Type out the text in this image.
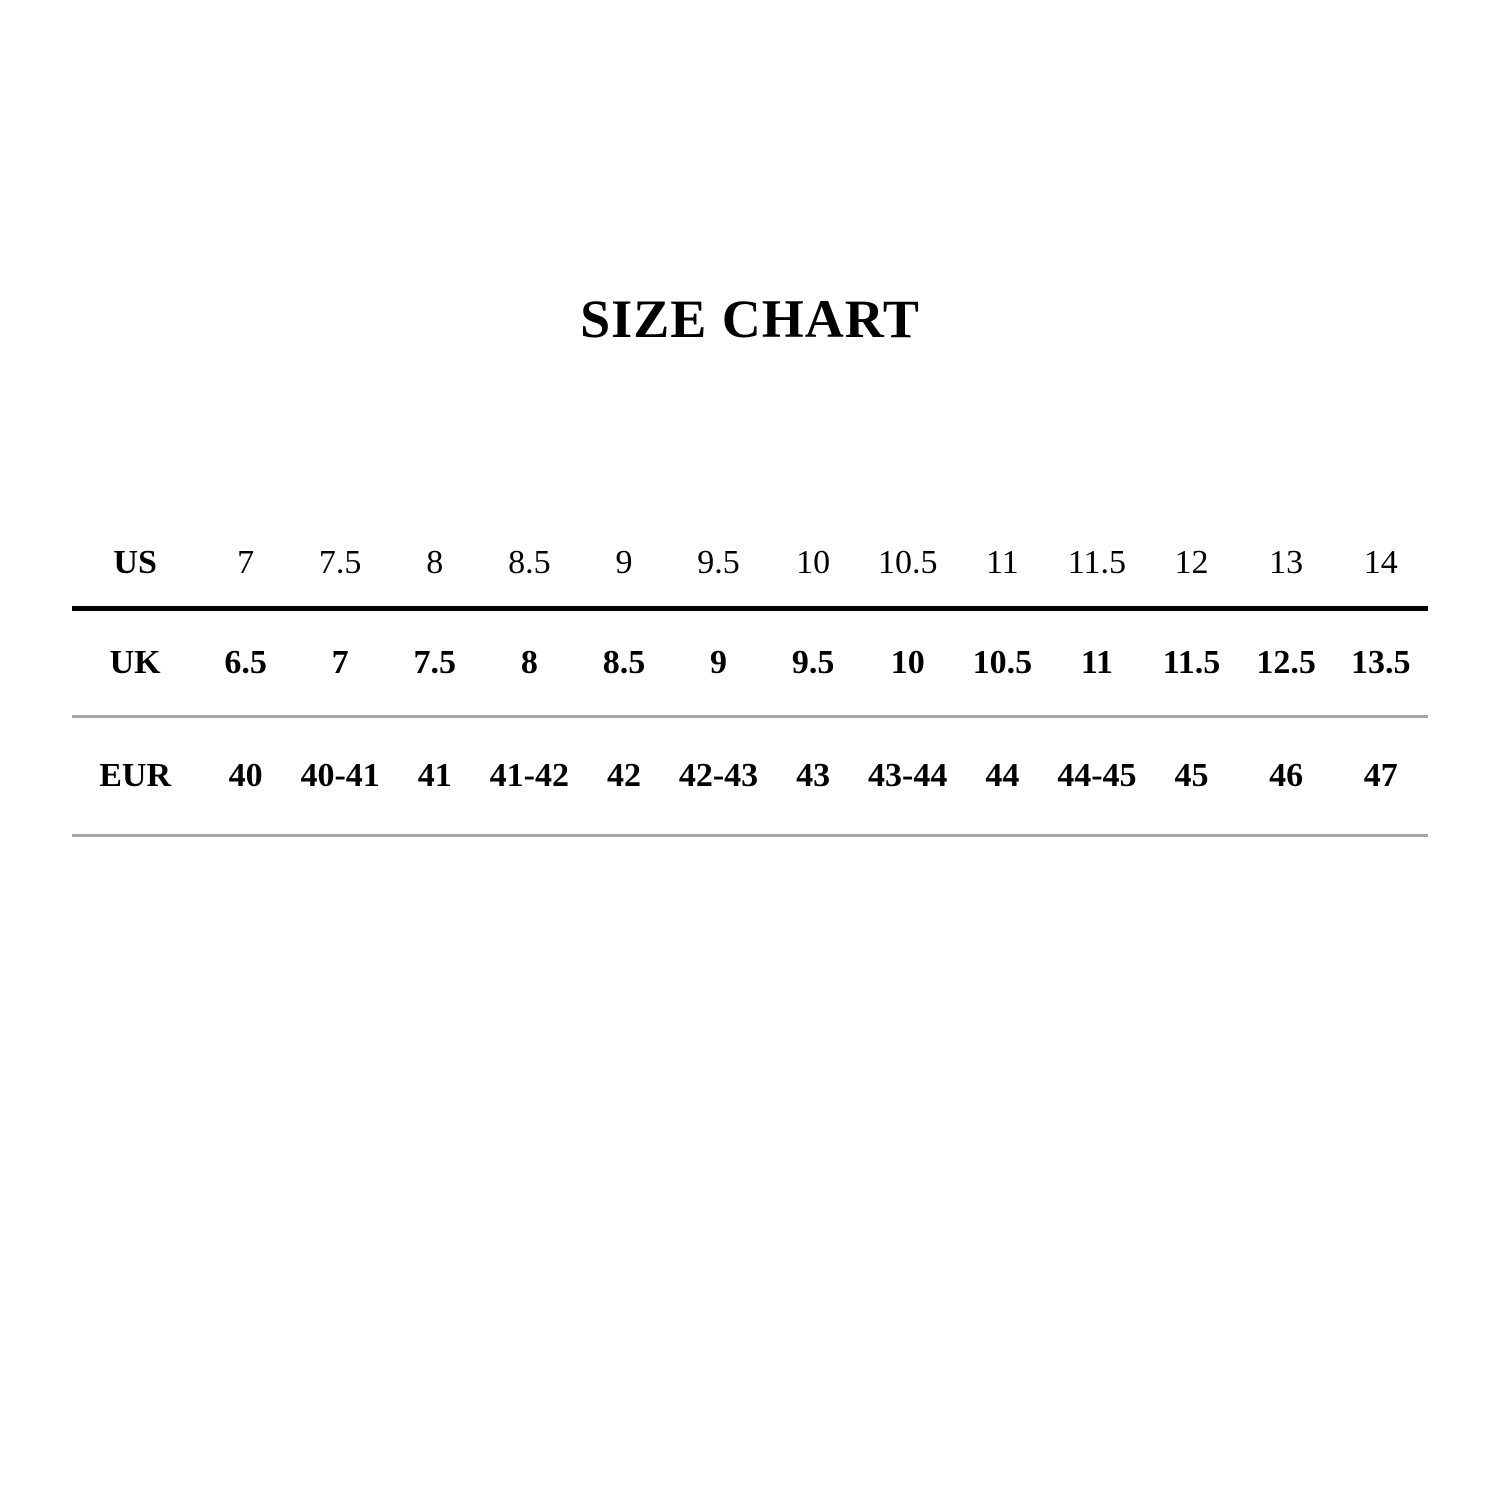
SIZE CHART
US	7	7.5	8	8.5	9	9.5	10	10.5	11	11.5	12	13	14

UK	6.5	7	7.5	8	8.5	9	9.5	10	10.5	11	11.5	12.5	13.5

EUR	40	40-41	41	41-42	42	42-43	43	43-44	44	44-45	45	46	47
